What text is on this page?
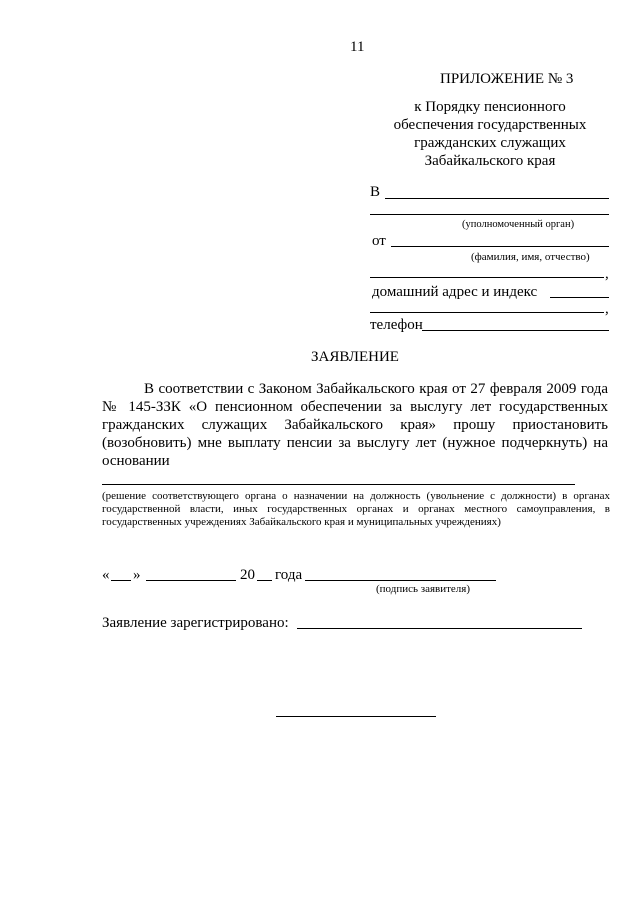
11
ПРИЛОЖЕНИЕ № 3
к Порядку пенсионного
обеспечения государственных
гражданских служащих
Забайкальского края
В
(уполномоченный орган)
от
(фамилия, имя, отчество)
,
домашний адрес и индекс
,
телефон
ЗАЯВЛЕНИЕ
В соответствии с Законом Забайкальского края от 27 февраля 2009 года № 145-ЗЗК «О пенсионном обеспечении за выслугу лет государственных гражданских служащих Забайкальского края» прошу приостановить (возобновить) мне выплату пенсии за выслугу лет (нужное подчеркнуть) на основании
(решение соответствующего органа о назначении на должность (увольнение с должности) в органах государственной власти, иных государственных органах и органах местного самоуправления, в государственных учреждениях Забайкальского края и муниципальных учреждениях)
« »	20 года
(подпись заявителя)
Заявление зарегистрировано:
